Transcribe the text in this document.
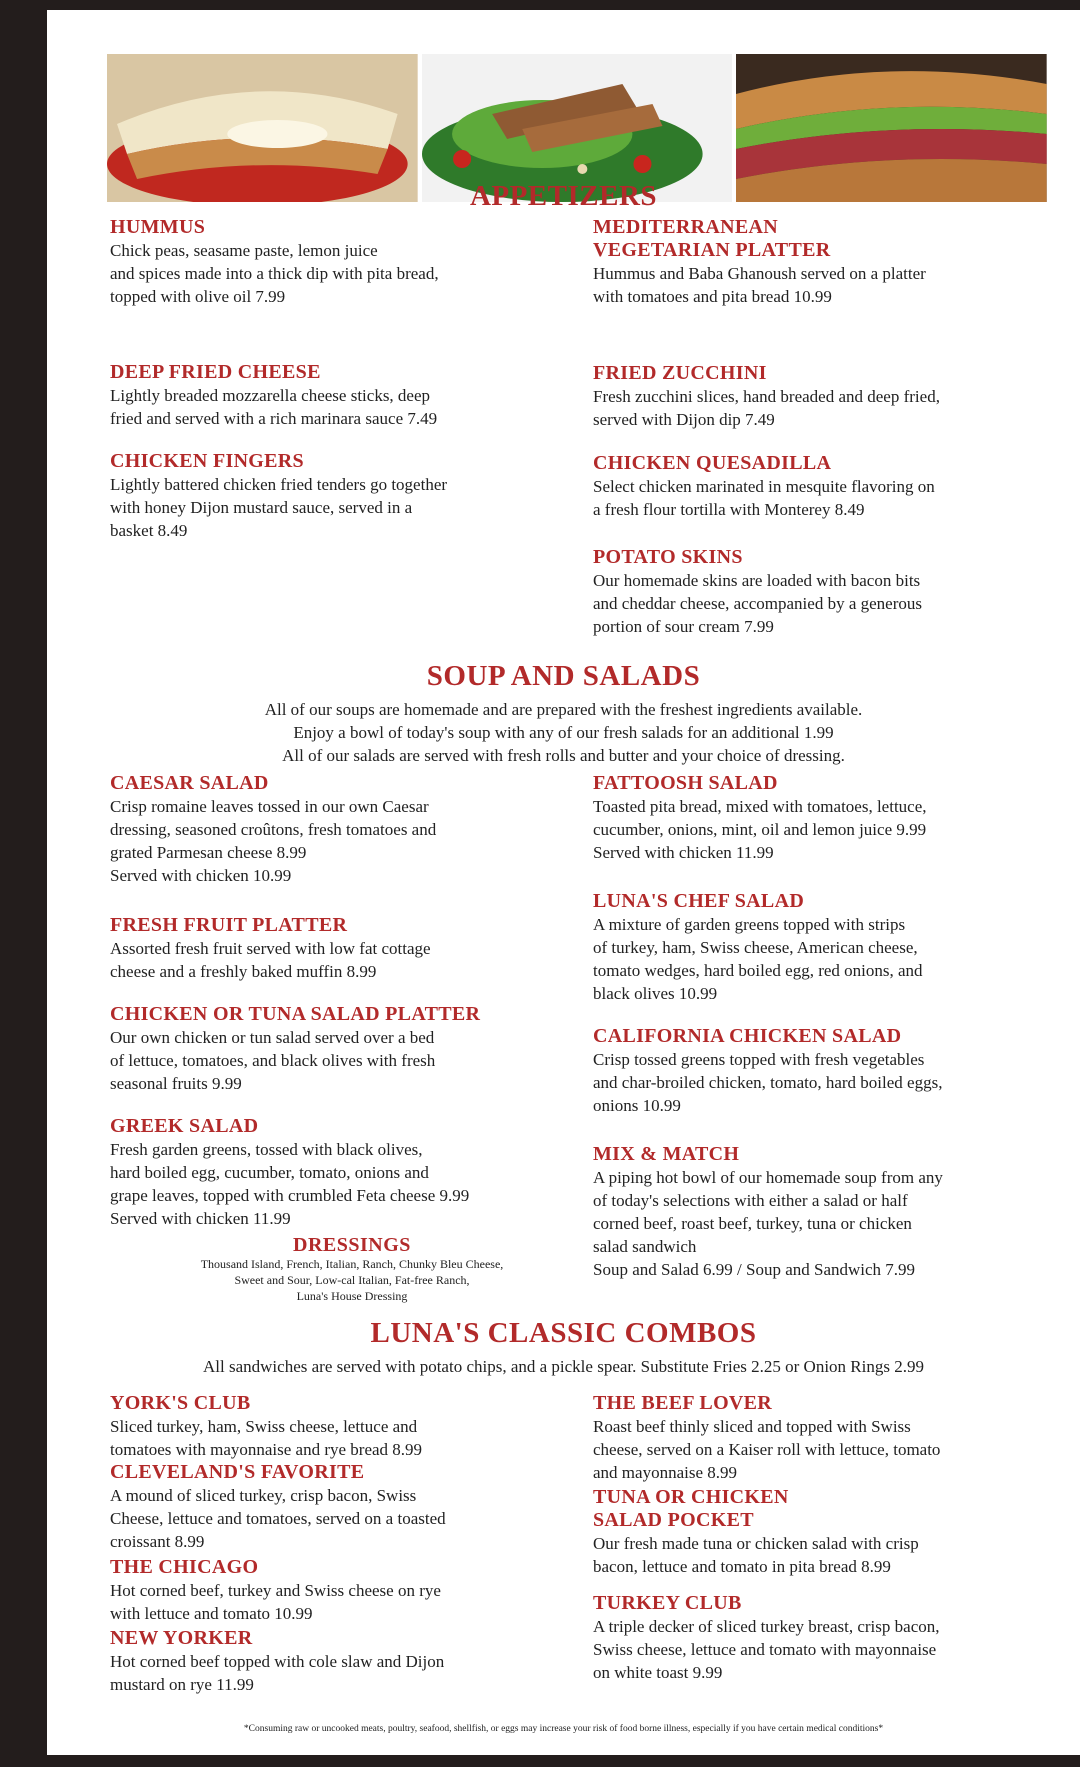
APPETIZERS
HUMMUS
Chick peas, seasame paste, lemon juice
and spices made into a thick dip with pita bread,
topped with olive oil 7.99
DEEP FRIED CHEESE
Lightly breaded mozzarella cheese sticks, deep
fried and served with a rich marinara sauce 7.49
CHICKEN FINGERS
Lightly battered chicken fried tenders go together
with honey Dijon mustard sauce, served in a
basket 8.49
MEDITERRANEAN
VEGETARIAN PLATTER
Hummus and Baba Ghanoush served on a platter
with tomatoes and pita bread 10.99
FRIED ZUCCHINI
Fresh zucchini slices, hand breaded and deep fried,
served with Dijon dip 7.49
CHICKEN QUESADILLA
Select chicken marinated in mesquite flavoring on
a fresh flour tortilla with Monterey 8.49
POTATO SKINS
Our homemade skins are loaded with bacon bits
and cheddar cheese, accompanied by a generous
portion of sour cream 7.99
SOUP AND SALADS
All of our soups are homemade and are prepared with the freshest ingredients available.
Enjoy a bowl of today's soup with any of our fresh salads for an additional 1.99
All of our salads are served with fresh rolls and butter and your choice of dressing.
CAESAR SALAD
Crisp romaine leaves tossed in our own Caesar
dressing, seasoned croûtons, fresh tomatoes and
grated Parmesan cheese 8.99
Served with chicken 10.99
FRESH FRUIT PLATTER
Assorted fresh fruit served with low fat cottage
cheese and a freshly baked muffin 8.99
CHICKEN OR TUNA SALAD PLATTER
Our own chicken or tun salad served over a bed
of lettuce, tomatoes, and black olives with fresh
seasonal fruits 9.99
GREEK SALAD
Fresh garden greens, tossed with black olives,
hard boiled egg, cucumber, tomato, onions and
grape leaves, topped with crumbled Feta cheese 9.99
Served with chicken 11.99
FATTOOSH SALAD
Toasted pita bread, mixed with tomatoes, lettuce,
cucumber, onions, mint, oil and lemon juice 9.99
Served with chicken 11.99
LUNA'S CHEF SALAD
A mixture of garden greens topped with strips
of turkey, ham, Swiss cheese, American cheese,
tomato wedges, hard boiled egg, red onions, and
black olives 10.99
CALIFORNIA CHICKEN SALAD
Crisp tossed greens topped with fresh vegetables
and char-broiled chicken, tomato, hard boiled eggs,
onions 10.99
MIX & MATCH
A piping hot bowl of our homemade soup from any
of today's selections with either a salad or half
corned beef, roast beef, turkey, tuna or chicken
salad sandwich
Soup and Salad 6.99 / Soup and Sandwich 7.99
DRESSINGS
Thousand Island, French, Italian, Ranch, Chunky Bleu Cheese,
Sweet and Sour, Low-cal Italian, Fat-free Ranch,
Luna's House Dressing
LUNA'S CLASSIC COMBOS
All sandwiches are served with potato chips, and a pickle spear. Substitute Fries 2.25 or Onion Rings 2.99
YORK'S CLUB
Sliced turkey, ham, Swiss cheese, lettuce and
tomatoes with mayonnaise and rye bread 8.99
CLEVELAND'S FAVORITE
A mound of sliced turkey, crisp bacon, Swiss
Cheese, lettuce and tomatoes, served on a toasted
croissant 8.99
THE CHICAGO
Hot corned beef, turkey and Swiss cheese on rye
with lettuce and tomato 10.99
NEW YORKER
Hot corned beef topped with cole slaw and Dijon
mustard on rye 11.99
THE BEEF LOVER
Roast beef thinly sliced and topped with Swiss
cheese, served on a Kaiser roll with lettuce, tomato
and mayonnaise 8.99
TUNA OR CHICKEN
SALAD POCKET
Our fresh made tuna or chicken salad with crisp
bacon, lettuce and tomato in pita bread 8.99
TURKEY CLUB
A triple decker of sliced turkey breast, crisp bacon,
Swiss cheese, lettuce and tomato with mayonnaise
on white toast 9.99
*Consuming raw or uncooked meats, poultry, seafood, shellfish, or eggs may increase your risk of food borne illness, especially if you have certain medical conditions*
